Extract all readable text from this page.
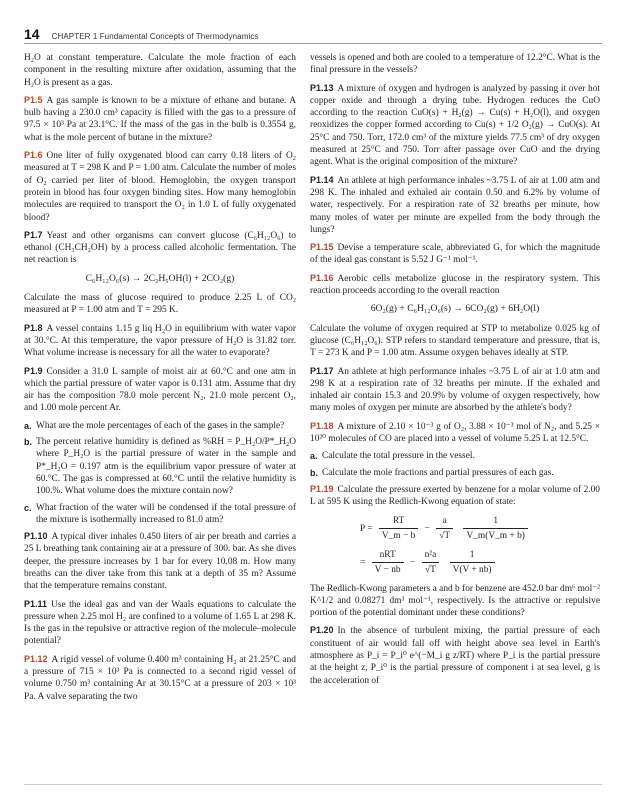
14 CHAPTER 1 Fundamental Concepts of Thermodynamics

H₂O at constant temperature. Calculate the mole fraction of each component in the resulting mixture after oxidation, assuming that the H₂O is present as a gas.

P1.5 A gas sample is known to be a mixture of ethane and butane. A bulb having a 230.0 cm³ capacity is filled with the gas to a pressure of 97.5 × 10³ Pa at 23.1°C. If the mass of the gas in the bulb is 0.3554 g, what is the mole percent of butane in the mixture?

P1.6 One liter of fully oxygenated blood can carry 0.18 liters of O₂ measured at T = 298 K and P = 1.00 atm. Calculate the number of moles of O₂ carried per liter of blood. Hemoglobin, the oxygen transport protein in blood has four oxygen binding sites. How many hemoglobin molecules are required to transport the O₂ in 1.0 L of fully oxygenated blood?

P1.7 Yeast and other organisms can convert glucose (C₆H₁₂O₆) to ethanol (CH₃CH₂OH) by a process called alcoholic fermentation. The net reaction is

C₆H₁₂O₆(s) → 2C₂H₅OH(l) + 2CO₂(g)

Calculate the mass of glucose required to produce 2.25 L of CO₂ measured at P = 1.00 atm and T = 295 K.

P1.8 A vessel contains 1.15 g liq H₂O in equilibrium with water vapor at 30.°C. At this temperature, the vapor pressure of H₂O is 31.82 torr. What volume increase is necessary for all the water to evaporate?

P1.9 Consider a 31.0 L sample of moist air at 60.°C and one atm in which the partial pressure of water vapor is 0.131 atm. Assume that dry air has the composition 78.0 mole percent N₂, 21.0 mole percent O₂, and 1.00 mole percent Ar.

a. What are the mole percentages of each of the gases in the sample?

b. The percent relative humidity is defined as %RH = P_H₂O/P*_H₂O where P_H₂O is the partial pressure of water in the sample and P*_H₂O = 0.197 atm is the equilibrium vapor pressure of water at 60.°C. The gas is compressed at 60.°C until the relative humidity is 100.%. What volume does the mixture contain now?

c. What fraction of the water will be condensed if the total pressure of the mixture is isothermally increased to 81.0 atm?

P1.10 A typical diver inhales 0.450 liters of air per breath and carries a 25 L breathing tank containing air at a pressure of 300. bar. As she dives deeper, the pressure increases by 1 bar for every 10.08 m. How many breaths can the diver take from this tank at a depth of 35 m? Assume that the temperature remains constant.

P1.11 Use the ideal gas and van der Waals equations to calculate the pressure when 2.25 mol H₂ are confined to a volume of 1.65 L at 298 K. Is the gas in the repulsive or attractive region of the molecule–molecule potential?

P1.12 A rigid vessel of volume 0.400 m³ containing H₂ at 21.25°C and a pressure of 715 × 10³ Pa is connected to a second rigid vessel of volume 0.750 m³ containing Ar at 30.15°C at a pressure of 203 × 10³ Pa. A valve separating the two

vessels is opened and both are cooled to a temperature of 12.2°C. What is the final pressure in the vessels?

P1.13 A mixture of oxygen and hydrogen is analyzed by passing it over hot copper oxide and through a drying tube. Hydrogen reduces the CuO according to the reaction CuO(s) + H₂(g) → Cu(s) + H₂O(l), and oxygen reoxidizes the copper formed according to Cu(s) + 1/2 O₂(g) → CuO(s). At 25°C and 750. Torr, 172.0 cm³ of the mixture yields 77.5 cm³ of dry oxygen measured at 25°C and 750. Torr after passage over CuO and the drying agent. What is the original composition of the mixture?

P1.14 An athlete at high performance inhales ~3.75 L of air at 1.00 atm and 298 K. The inhaled and exhaled air contain 0.50 and 6.2% by volume of water, respectively. For a respiration rate of 32 breaths per minute, how many moles of water per minute are expelled from the body through the lungs?

P1.15 Devise a temperature scale, abbreviated G, for which the magnitude of the ideal gas constant is 5.52 J G⁻¹ mol⁻¹.

P1.16 Aerobic cells metabolize glucose in the respiratory system. This reaction proceeds according to the overall reaction

6O₂(g) + C₆H₁₂O₆(s) → 6CO₂(g) + 6H₂O(l)

Calculate the volume of oxygen required at STP to metabolize 0.025 kg of glucose (C₆H₁₂O₆). STP refers to standard temperature and pressure, that is, T = 273 K and P = 1.00 atm. Assume oxygen behaves ideally at STP.

P1.17 An athlete at high performance inhales ~3.75 L of air at 1.0 atm and 298 K at a respiration rate of 32 breaths per minute. If the exhaled and inhaled air contain 15.3 and 20.9% by volume of oxygen respectively, how many moles of oxygen per minute are absorbed by the athlete's body?

P1.18 A mixture of 2.10 × 10⁻³ g of O₂, 3.88 × 10⁻³ mol of N₂, and 5.25 × 10²⁰ molecules of CO are placed into a vessel of volume 5.25 L at 12.5°C.

a. Calculate the total pressure in the vessel.

b. Calculate the mole fractions and partial pressures of each gas.

P1.19 Calculate the pressure exerted by benzene for a molar volume of 2.00 L at 595 K using the Redlich-Kwong equation of state:

$P = \frac{RT}{V\_m - b} - \frac{a}{√T}$
$\frac{1}{V\_m(V\_m + b)}$
= $\frac{\text{nRT}}{V - nb} - \frac{\text{n²a}}{√T}$
$\frac{1}{V(V + nb)}$

The Redlich-Kwong parameters a and b for benzene are 452.0 bar dm⁶ mol⁻² K^1/2 and 0.08271 dm³ mol⁻¹, respectively. Is the attractive or repulsive portion of the potential dominant under these conditions?

P1.20 In the absence of turbulent mixing, the partial pressure of each constituent of air would fall off with height above sea level in Earth's atmosphere as P_i = P_i⁰ e^(−M_i g z/RT) where P_i is the partial pressure at the height z, P_i⁰ is the partial pressure of component i at sea level, g is the acceleration of
